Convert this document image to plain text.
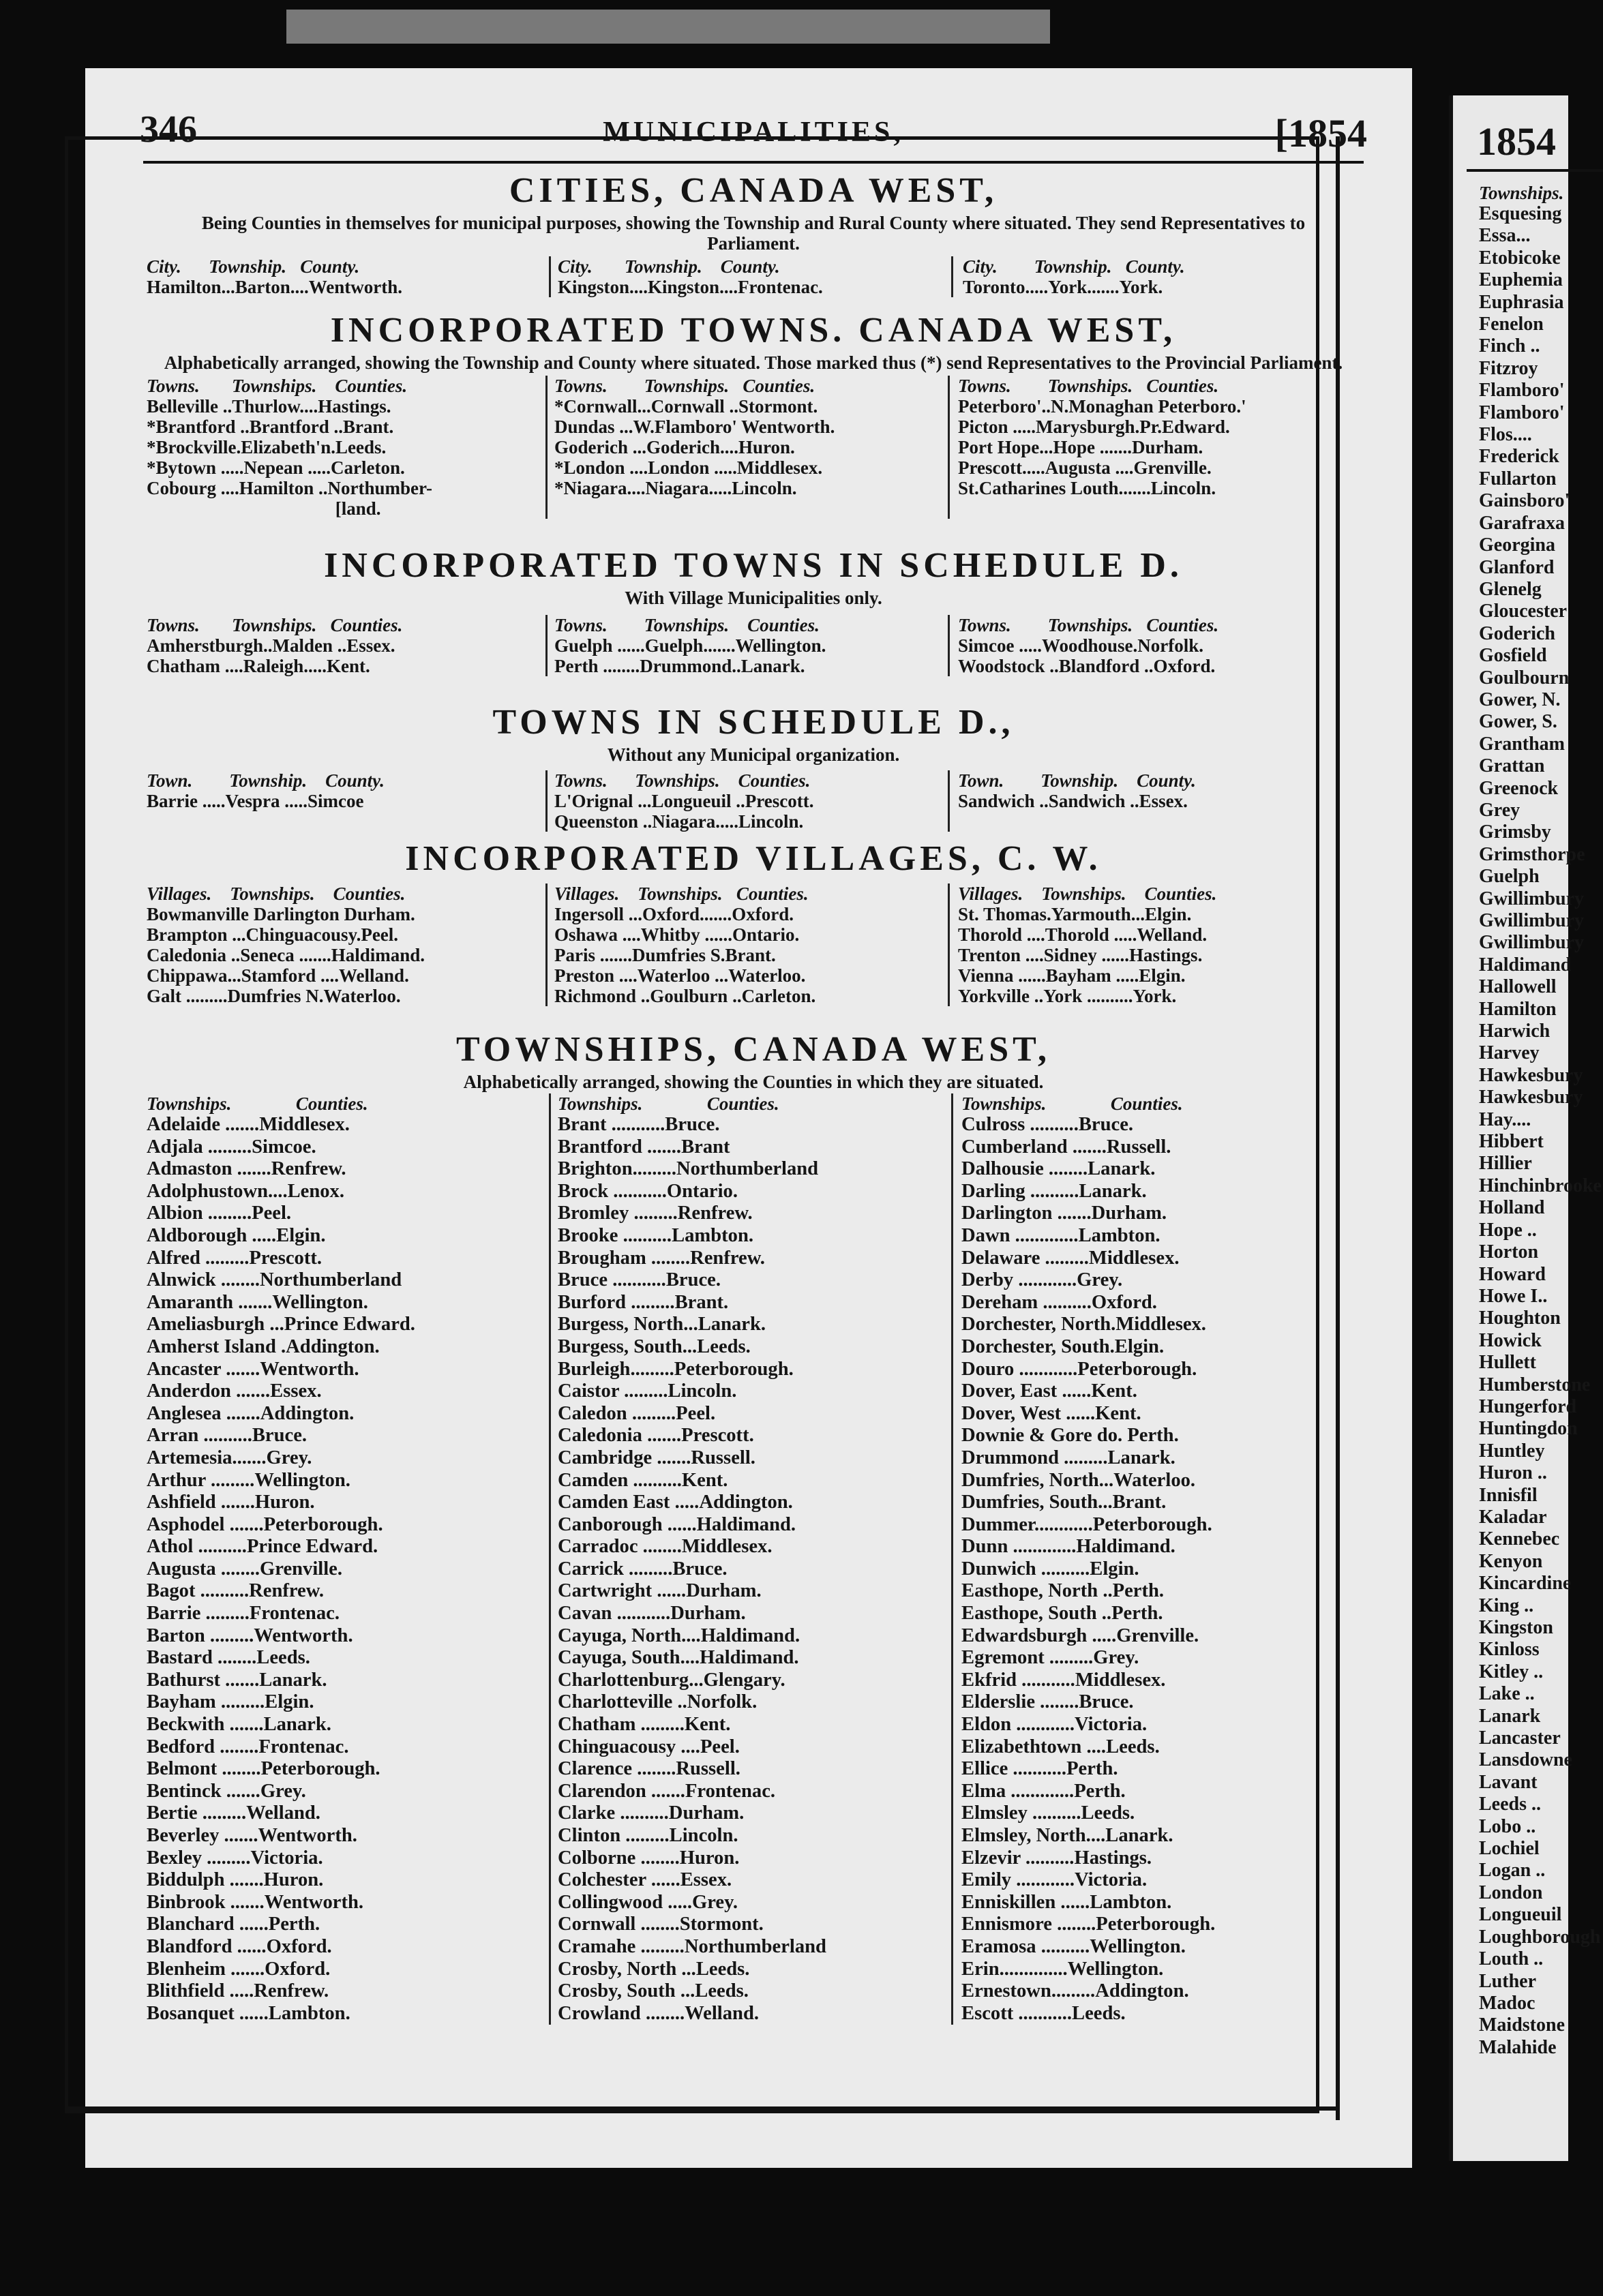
346	MUNICIPALITIES,	[1854
CITIES, CANADA WEST,

Being Counties in themselves for municipal purposes, showing the Township and Rural County where situated. They send Representatives to Parliament.

City.      Township.   County.
Hamilton...Barton....Wentworth.
City.       Township.    County.
Kingston....Kingston....Frontenac.
City.        Township.   County.
Toronto.....York.......York.
INCORPORATED TOWNS. CANADA WEST,

Alphabetically arranged, showing the Township and County where situated. Those marked thus (*) send Representatives to the Provincial Parliament.

Towns.       Townships.    Counties.
Belleville ..Thurlow....Hastings.
*Brantford ..Brantford ..Brant.
*Brockville.Elizabeth'n.Leeds.
*Bytown .....Nepean .....Carleton.
Cobourg ....Hamilton ..Northumber-
[land.
Towns.        Townships.   Counties.
*Cornwall...Cornwall ..Stormont.
Dundas ...W.Flamboro' Wentworth.
Goderich ...Goderich....Huron.
*London ....London .....Middlesex.
*Niagara....Niagara.....Lincoln.
Towns.        Townships.   Counties.
Peterboro'..N.Monaghan Peterboro.'
Picton .....Marysburgh.Pr.Edward.
Port Hope...Hope .......Durham.
Prescott.....Augusta ....Grenville.
St.Catharines Louth.......Lincoln.
INCORPORATED TOWNS IN SCHEDULE D.

With Village Municipalities only.

Towns.       Townships.   Counties.
Amherstburgh..Malden ..Essex.
Chatham ....Raleigh.....Kent.
Towns.        Townships.    Counties.
Guelph ......Guelph.......Wellington.
Perth ........Drummond..Lanark.
Towns.        Townships.   Counties.
Simcoe .....Woodhouse.Norfolk.
Woodstock ..Blandford ..Oxford.
TOWNS IN SCHEDULE D.,

Without any Municipal organization.

Town.        Township.    County.
Barrie .....Vespra .....Simcoe
Towns.      Townships.    Counties.
L'Orignal ...Longueuil ..Prescott.
Queenston ..Niagara.....Lincoln.
Town.        Township.    County.
Sandwich ..Sandwich ..Essex.
INCORPORATED VILLAGES, C. W.
Villages.    Townships.    Counties.
Bowmanville Darlington Durham.
Brampton ...Chinguacousy.Peel.
Caledonia ..Seneca .......Haldimand.
Chippawa...Stamford ....Welland.
Galt .........Dumfries N.Waterloo.
Villages.    Townships.   Counties.
Ingersoll ...Oxford.......Oxford.
Oshawa ....Whitby ......Ontario.
Paris .......Dumfries S.Brant.
Preston ....Waterloo ...Waterloo.
Richmond ..Goulburn ..Carleton.
Villages.    Townships.    Counties.
St. Thomas.Yarmouth...Elgin.
Thorold ....Thorold .....Welland.
Trenton ....Sidney ......Hastings.
Vienna ......Bayham .....Elgin.
Yorkville ..York ..........York.
TOWNSHIPS, CANADA WEST,

Alphabetically arranged, showing the Counties in which they are situated.

Townships.              Counties.
Adelaide .......Middlesex.
Adjala .........Simcoe.
Admaston .......Renfrew.
Adolphustown....Lenox.
Albion .........Peel.
Aldborough .....Elgin.
Alfred .........Prescott.
Alnwick ........Northumberland
Amaranth .......Wellington.
Ameliasburgh ...Prince Edward.
Amherst Island .Addington.
Ancaster .......Wentworth.
Anderdon .......Essex.
Anglesea .......Addington.
Arran ..........Bruce.
Artemesia.......Grey.
Arthur .........Wellington.
Ashfield .......Huron.
Asphodel .......Peterborough.
Athol ..........Prince Edward.
Augusta ........Grenville.
Bagot ..........Renfrew.
Barrie .........Frontenac.
Barton .........Wentworth.
Bastard ........Leeds.
Bathurst .......Lanark.
Bayham .........Elgin.
Beckwith .......Lanark.
Bedford ........Frontenac.
Belmont ........Peterborough.
Bentinck .......Grey.
Bertie .........Welland.
Beverley .......Wentworth.
Bexley .........Victoria.
Biddulph .......Huron.
Binbrook .......Wentworth.
Blanchard ......Perth.
Blandford ......Oxford.
Blenheim .......Oxford.
Blithfield .....Renfrew.
Bosanquet ......Lambton.
Townships.              Counties.
Brant ...........Bruce.
Brantford .......Brant
Brighton.........Northumberland
Brock ...........Ontario.
Bromley .........Renfrew.
Brooke ..........Lambton.
Brougham ........Renfrew.
Bruce ...........Bruce.
Burford .........Brant.
Burgess, North...Lanark.
Burgess, South...Leeds.
Burleigh.........Peterborough.
Caistor .........Lincoln.
Caledon .........Peel.
Caledonia .......Prescott.
Cambridge .......Russell.
Camden ..........Kent.
Camden East .....Addington.
Canborough ......Haldimand.
Carradoc ........Middlesex.
Carrick .........Bruce.
Cartwright ......Durham.
Cavan ...........Durham.
Cayuga, North....Haldimand.
Cayuga, South....Haldimand.
Charlottenburg...Glengary.
Charlotteville ..Norfolk.
Chatham .........Kent.
Chinguacousy ....Peel.
Clarence ........Russell.
Clarendon .......Frontenac.
Clarke ..........Durham.
Clinton .........Lincoln.
Colborne ........Huron.
Colchester ......Essex.
Collingwood .....Grey.
Cornwall ........Stormont.
Cramahe .........Northumberland
Crosby, North ...Leeds.
Crosby, South ...Leeds.
Crowland ........Welland.
Townships.              Counties.
Culross ..........Bruce.
Cumberland .......Russell.
Dalhousie ........Lanark.
Darling ..........Lanark.
Darlington .......Durham.
Dawn .............Lambton.
Delaware .........Middlesex.
Derby ............Grey.
Dereham ..........Oxford.
Dorchester, North.Middlesex.
Dorchester, South.Elgin.
Douro ............Peterborough.
Dover, East ......Kent.
Dover, West ......Kent.
Downie & Gore do. Perth.
Drummond .........Lanark.
Dumfries, North...Waterloo.
Dumfries, South...Brant.
Dummer............Peterborough.
Dunn .............Haldimand.
Dunwich ..........Elgin.
Easthope, North ..Perth.
Easthope, South ..Perth.
Edwardsburgh .....Grenville.
Egremont .........Grey.
Ekfrid ...........Middlesex.
Elderslie ........Bruce.
Eldon ............Victoria.
Elizabethtown ....Leeds.
Ellice ...........Perth.
Elma .............Perth.
Elmsley ..........Leeds.
Elmsley, North....Lanark.
Elzevir ..........Hastings.
Emily ............Victoria.
Enniskillen ......Lambton.
Ennismore ........Peterborough.
Eramosa ..........Wellington.
Erin..............Wellington.
Ernestown.........Addington.
Escott ...........Leeds.
1854
Townships.
Esquesing
Essa...
Etobicoke
Euphemia
Euphrasia
Fenelon
Finch ..
Fitzroy
Flamboro'
Flamboro'
Flos....
Frederick
Fullarton
Gainsboro'
Garafraxa
Georgina
Glanford
Glenelg
Gloucester
Goderich
Gosfield
Goulbourn
Gower, N.
Gower, S.
Grantham
Grattan
Greenock
Grey
Grimsby
Grimsthorpe
Guelph
Gwillimbury
Gwillimbury
Gwillimbury
Haldimand
Hallowell
Hamilton
Harwich
Harvey
Hawkesbury
Hawkesbury
Hay....
Hibbert
Hillier
Hinchinbrooke
Holland
Hope ..
Horton
Howard
Howe I..
Houghton
Howick
Hullett
Humberstone
Hungerford
Huntingdon
Huntley
Huron ..
Innisfil
Kaladar
Kennebec
Kenyon
Kincardine
King ..
Kingston
Kinloss
Kitley ..
Lake ..
Lanark
Lancaster
Lansdowne
Lavant
Leeds ..
Lobo ..
Lochiel
Logan ..
London
Longueuil
Loughborough
Louth ..
Luther
Madoc
Maidstone
Malahide
